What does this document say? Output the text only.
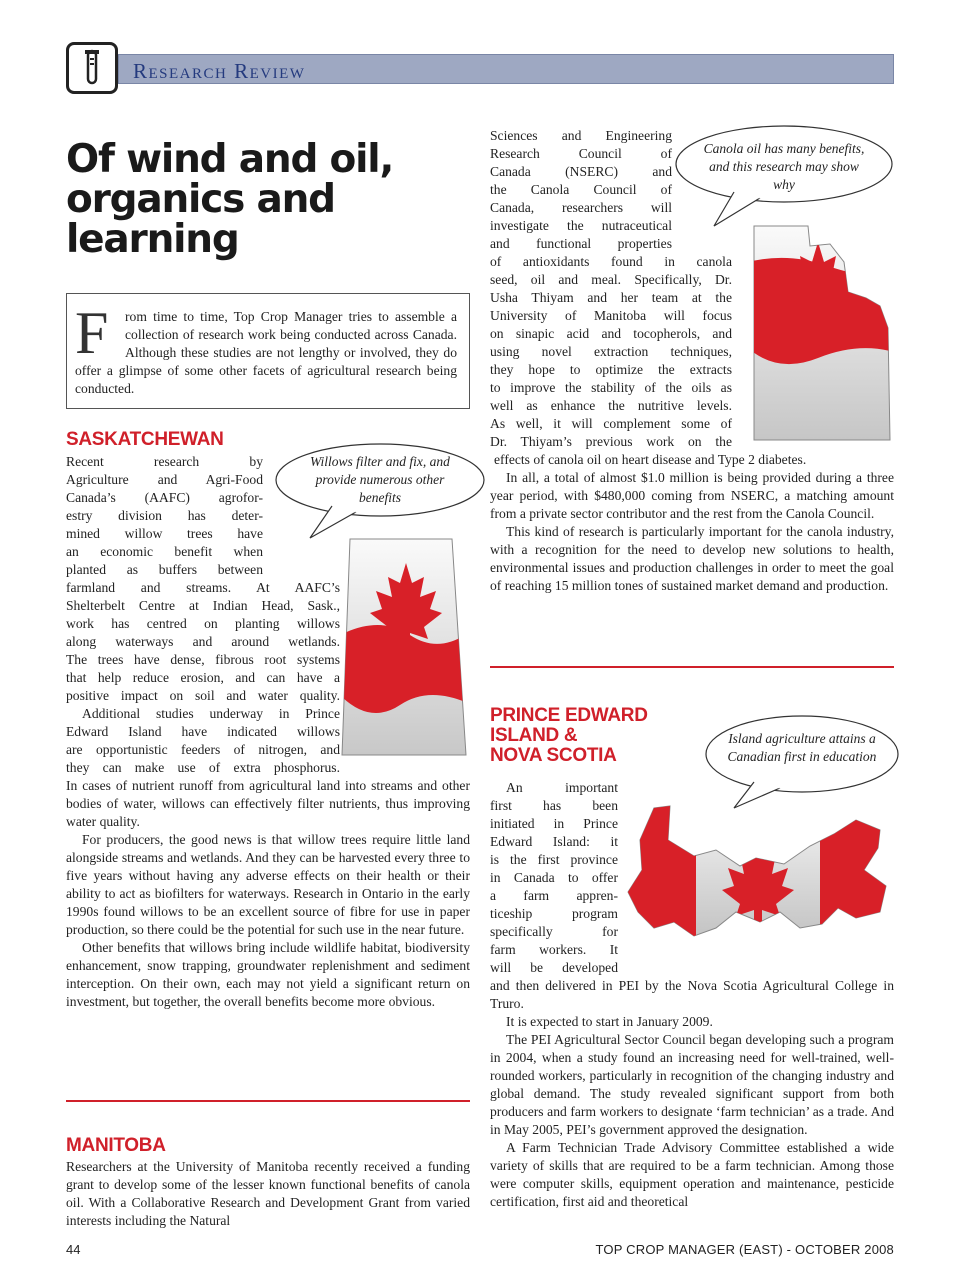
Research Review
Of wind and oil, organics and learning
F	rom time to time, Top Crop Manager tries to assemble a collection of research work being conducted across Canada. Although these studies are not lengthy or involved, they do offer a glimpse of some other facets of agricultural research being conducted.
SASKATCHEWAN
Recent research by
Agriculture and Agri-Food
Canada’s (AAFC) agrofor-
estry division has deter-
mined willow trees have
an economic benefit when
planted as buffers between
farmland and streams. At AAFC’s
Shelterbelt Centre at Indian Head, Sask.,
work has centred on planting willows
along waterways and around wetlands.
The trees have dense, fibrous root systems
that help reduce erosion, and can have a
positive impact on soil and water quality.
Additional studies underway in Prince
Edward Island have indicated willows
are opportunistic feeders of nitrogen, and
they can make use of extra phosphorus.

In cases of nutrient runoff from agricultural land into streams and other bodies of water, willows can effectively filter nutrients, thus improving water quality.

For producers, the good news is that willow trees require little land alongside streams and wetlands. And they can be harvested every three to five years without having any adverse effects on their health or their ability to act as biofilters for waterways. Research in Ontario in the early 1990s found willows to be an excellent source of fibre for use in paper production, so there could be the potential for such use in the near future.

Other benefits that willows bring include wildlife habitat, biodiversity enhancement, snow trapping, groundwater replenishment and sediment interception. On their own, each may not yield a significant return on investment, but together, the overall benefits become more obvious.

Willows filter and fix, and provide numerous other benefits
MANITOBA

Researchers at the University of Manitoba recently received a funding grant to develop some of the lesser known functional benefits of canola oil. With a Collaborative Research and Development Grant from varied interests including the Natural

Sciences and Engineering
Research Council of
Canada (NSERC) and
the Canola Council of
Canada, researchers will
investigate the nutraceutical
and functional properties
of antioxidants found in canola
seed, oil and meal. Specifically, Dr.
Usha Thiyam and her team at the
University of Manitoba will focus
on sinapic acid and tocopherols, and
using novel extraction techniques,
they hope to optimize the extracts
to improve the stability of the oils as
well as enhance the nutritive levels.
As well, it will complement some of
Dr. Thiyam’s previous work on the

effects of canola oil on heart disease and Type 2 diabetes.

In all, a total of almost $1.0 million is being provided during a three year period, with $480,000 coming from NSERC, a matching amount from a private sector contributor and the rest from the Canola Council.

This kind of research is particularly important for the canola industry, with a recognition for the need to develop new solutions to health, environmental issues and production challenges in order to meet the goal of reaching 15 million tones of sustained market demand and production.

Canola oil has many benefits, and this research may show why
PRINCE EDWARD
ISLAND &
NOVA SCOTIA
An important
first has been
initiated in Prince
Edward Island: it
is the first province
in Canada to offer
a farm appren-
ticeship program
specifically for
farm workers. It
will be developed

and then delivered in PEI by the Nova Scotia Agricultural College in Truro.

It is expected to start in January 2009.

The PEI Agricultural Sector Council began developing such a program in 2004, when a study found an increasing need for well-trained, well-rounded workers, particularly in recognition of the changing industry and global demand. The study revealed significant support from both producers and farm workers to designate ‘farm technician’ as a trade. And in May 2005, PEI’s government approved the designation.

A Farm Technician Trade Advisory Committee established a wide variety of skills that are required to be a farm technician. Among those were computer skills, equipment operation and maintenance, pesticide certification, first aid and theoretical

Island agriculture attains a Canadian first in education
44	TOP CROP MANAGER (EAST) - OCTOBER 2008
